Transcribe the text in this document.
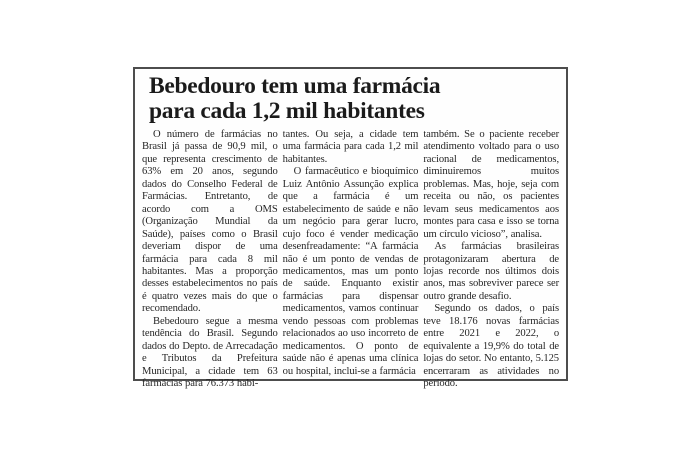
Bebedouro tem uma farmácia
para cada 1,2 mil habitantes

O número de farmácias no Brasil já passa de 90,9 mil, o que representa crescimento de 63% em 20 anos, segundo dados do Conselho Federal de Farmácias. Entretanto, de acordo com a OMS (Organização Mundial da Saúde), países como o Brasil deveriam dispor de uma farmácia para cada 8 mil habitantes. Mas a proporção desses estabelecimentos no país é quatro vezes mais do que o recomendado.

Bebedouro segue a mesma tendência do Brasil. Segundo dados do Depto. de Arrecadação e Tributos da Prefeitura Municipal, a cidade tem 63 farmácias para 76.373 habi-

tantes. Ou seja, a cidade tem uma farmácia para cada 1,2 mil habitantes.

O farmacêutico e bioquímico Luiz Antônio Assunção explica que a farmácia é um estabelecimento de saúde e não um negócio para gerar lucro, cujo foco é vender medicação desenfreadamente: “A farmácia não é um ponto de vendas de medicamentos, mas um ponto de saúde. Enquanto existir farmácias para dispensar medicamentos, vamos continuar vendo pessoas com problemas relacionados ao uso incorreto de medicamentos. O ponto de saúde não é apenas uma clínica ou hospital, inclui-se a farmácia

também. Se o paciente receber atendimento voltado para o uso racional de medicamentos, diminuiremos muitos problemas. Mas, hoje, seja com receita ou não, os pacientes levam seus medicamentos aos montes para casa e isso se torna um círculo vicioso”, analisa.

As farmácias brasileiras protagonizaram abertura de lojas recorde nos últimos dois anos, mas sobreviver parece ser outro grande desafio.

Segundo os dados, o país teve 18.176 novas farmácias entre 2021 e 2022, o equivalente a 19,9% do total de lojas do setor. No entanto, 5.125 encerraram as atividades no período.
